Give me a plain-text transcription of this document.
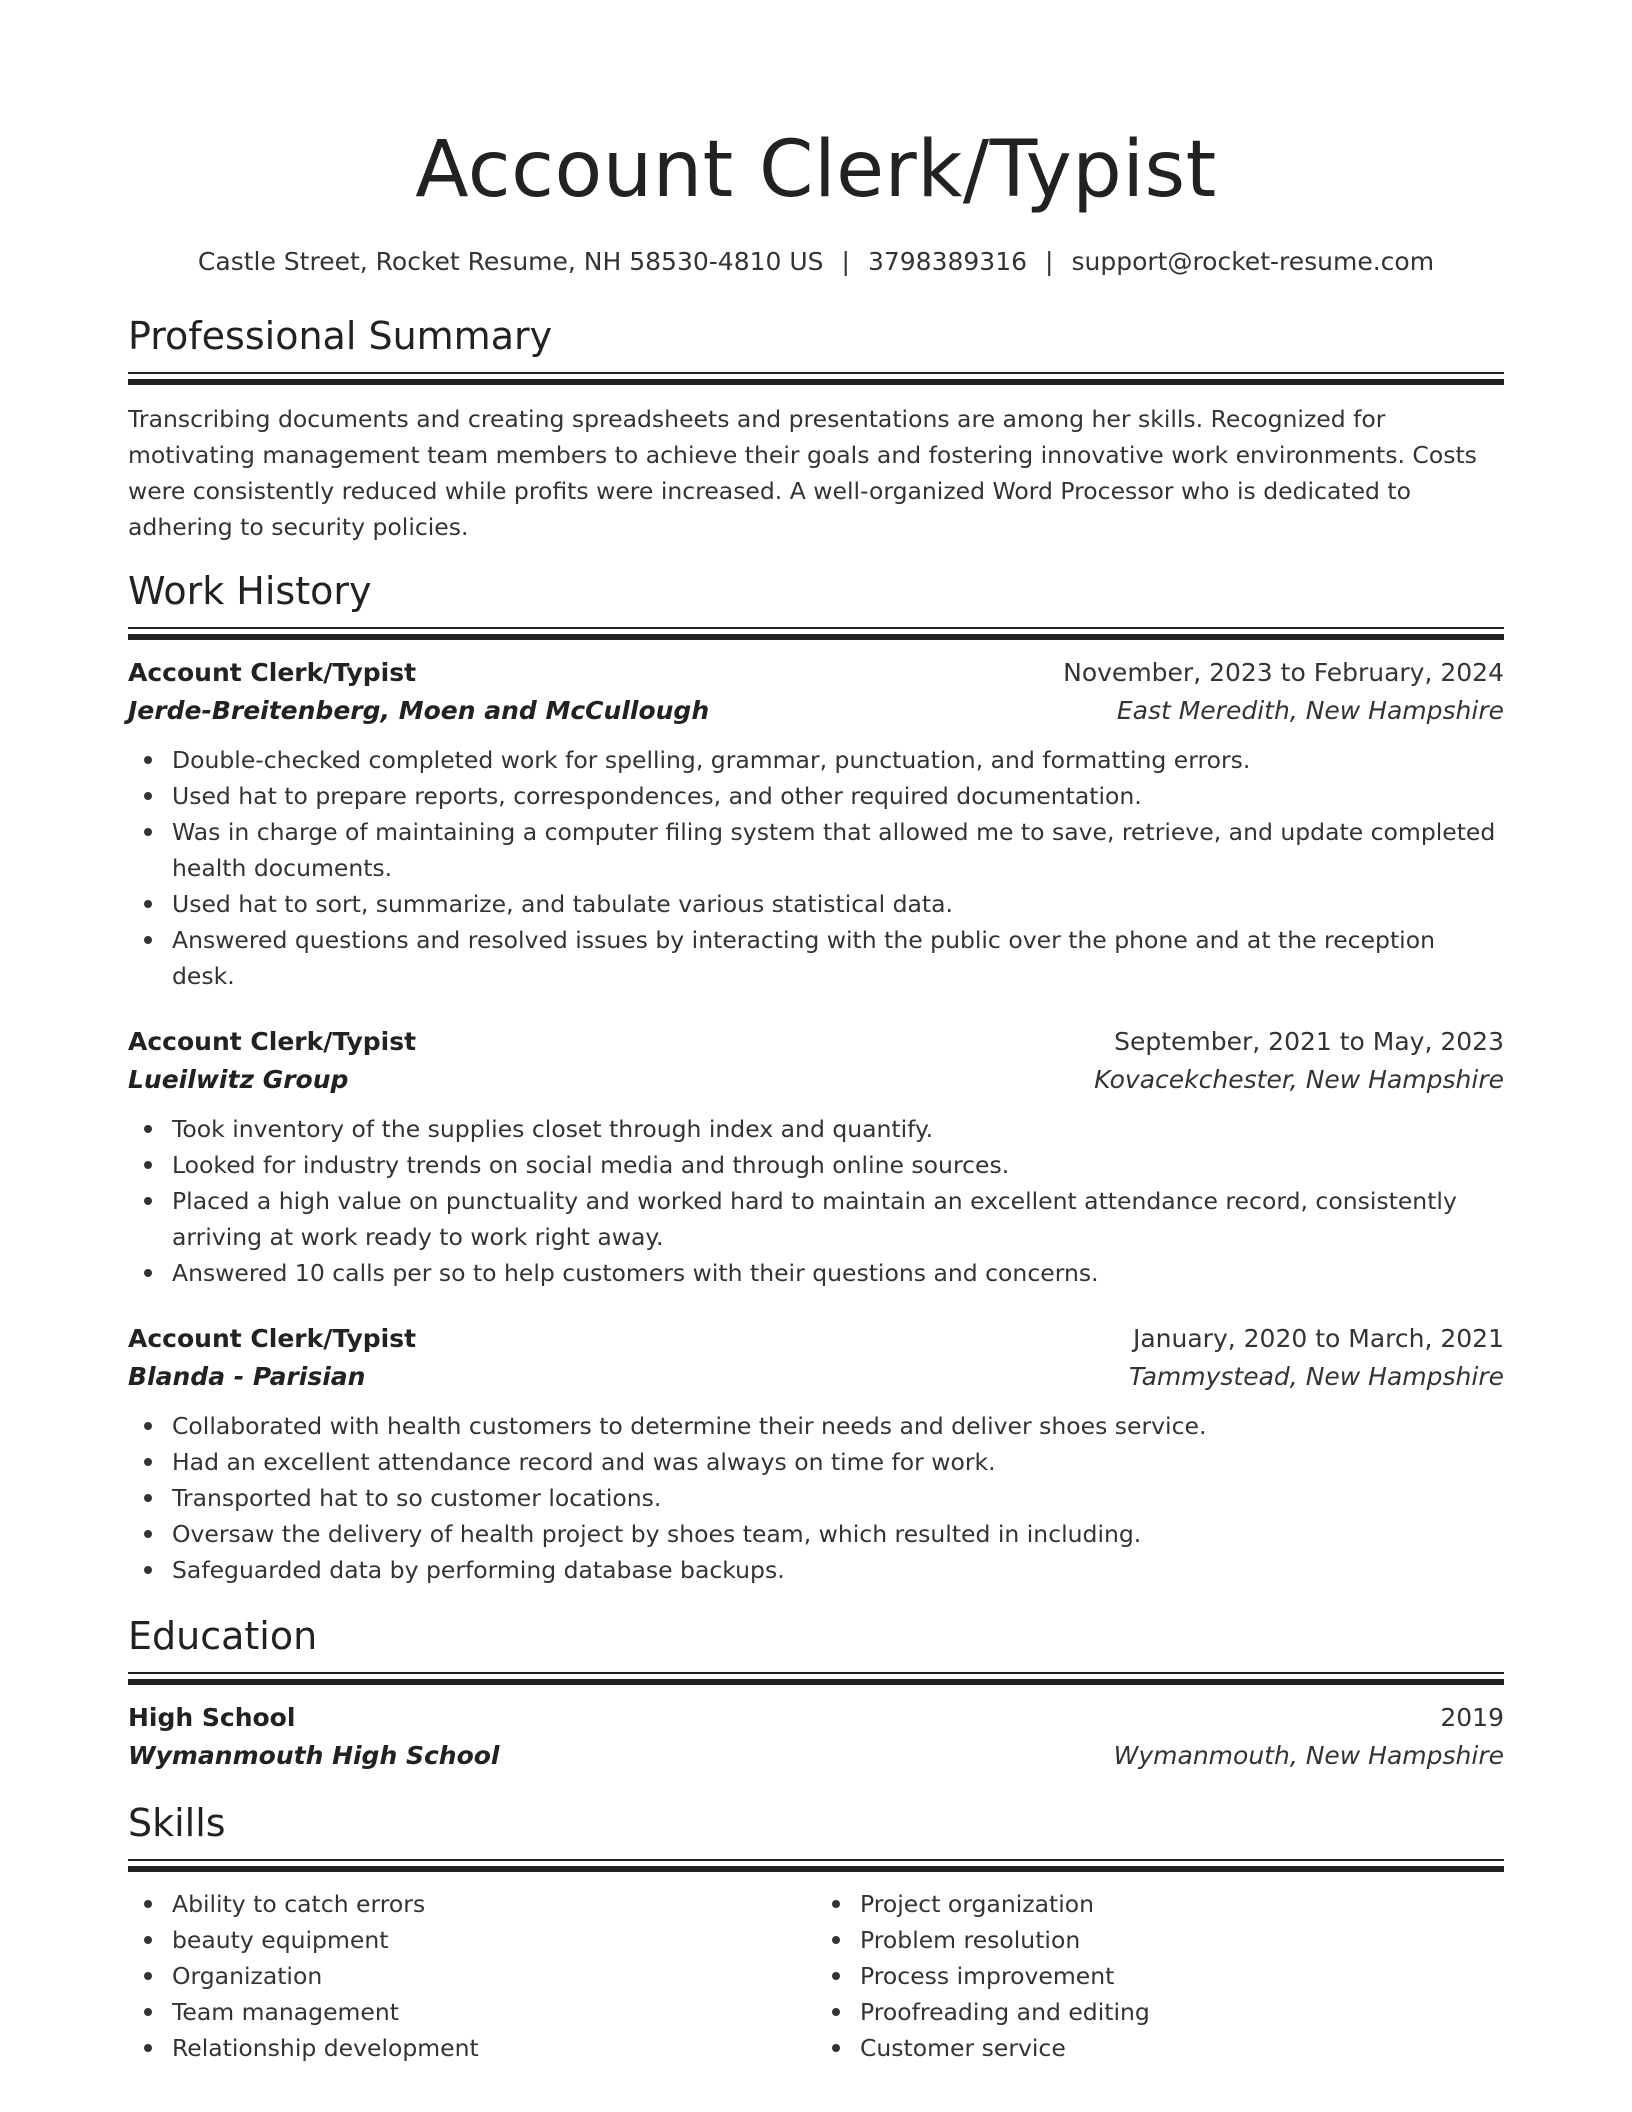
Account Clerk/Typist
Castle Street, Rocket Resume, NH 58530-4810 US | 3798389316 | support@rocket-resume.com
Professional Summary

Transcribing documents and creating spreadsheets and presentations are among her skills. Recognized for motivating management team members to achieve their goals and fostering innovative work environments. Costs were consistently reduced while profits were increased. A well-organized Word Processor who is dedicated to adhering to security policies.

Work History
Account Clerk/Typist	November, 2023 to February, 2024
Jerde-Breitenberg, Moen and McCullough	East Meredith, New Hampshire
Double-checked completed work for spelling, grammar, punctuation, and formatting errors.
Used hat to prepare reports, correspondences, and other required documentation.
Was in charge of maintaining a computer filing system that allowed me to save, retrieve, and update completed health documents.
Used hat to sort, summarize, and tabulate various statistical data.
Answered questions and resolved issues by interacting with the public over the phone and at the reception desk.
Account Clerk/Typist	September, 2021 to May, 2023
Lueilwitz Group	Kovacekchester, New Hampshire
Took inventory of the supplies closet through index and quantify.
Looked for industry trends on social media and through online sources.
Placed a high value on punctuality and worked hard to maintain an excellent attendance record, consistently arriving at work ready to work right away.
Answered 10 calls per so to help customers with their questions and concerns.
Account Clerk/Typist	January, 2020 to March, 2021
Blanda - Parisian	Tammystead, New Hampshire
Collaborated with health customers to determine their needs and deliver shoes service.
Had an excellent attendance record and was always on time for work.
Transported hat to so customer locations.
Oversaw the delivery of health project by shoes team, which resulted in including.
Safeguarded data by performing database backups.
Education
High School	2019
Wymanmouth High School	Wymanmouth, New Hampshire
Skills
Ability to catch errors
beauty equipment
Organization
Team management
Relationship development
Project organization
Problem resolution
Process improvement
Proofreading and editing
Customer service
